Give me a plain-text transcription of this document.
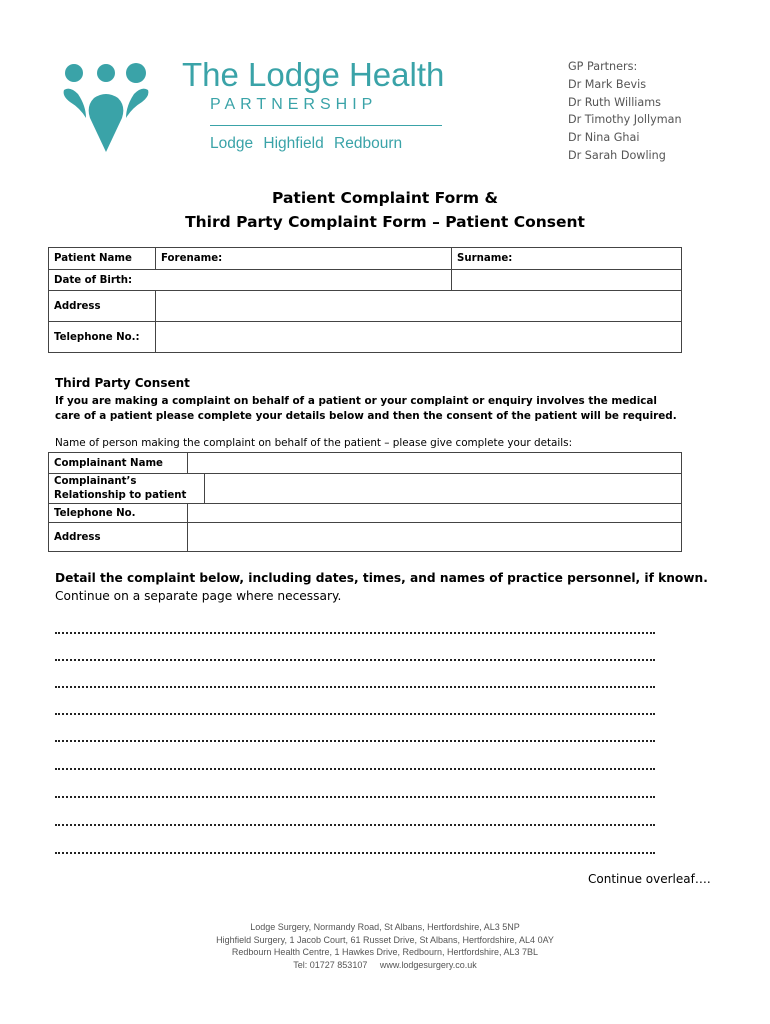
The Lodge Health
PARTNERSHIP
Lodge Highfield Redbourn
GP Partners:
Dr Mark Bevis
Dr Ruth Williams
Dr Timothy Jollyman
Dr Nina Ghai
Dr Sarah Dowling
Patient Complaint Form &
Third Party Complaint Form – Patient Consent
Patient Name	Forename:	Surname:
Date of Birth:		
Address		
Telephone No.:		
Third Party Consent
If you are making a complaint on behalf of a patient or your complaint or enquiry involves the medical care of a patient please complete your details below and then the consent of the patient will be required.
Name of person making the complaint on behalf of the patient – please give complete your details:
Complainant Name		
Complainant’s Relationship to patient		
Telephone No.		
Address		
Detail the complaint below, including dates, times, and names of practice personnel, if known.
Continue on a separate page where necessary.
Continue overleaf….
Lodge Surgery, Normandy Road, St Albans, Hertfordshire, AL3 5NP
Highfield Surgery, 1 Jacob Court, 61 Russet Drive, St Albans, Hertfordshire, AL4 0AY
Redbourn Health Centre, 1 Hawkes Drive, Redbourn, Hertfordshire, AL3 7BL
Tel: 01727 853107     www.lodgesurgery.co.uk
